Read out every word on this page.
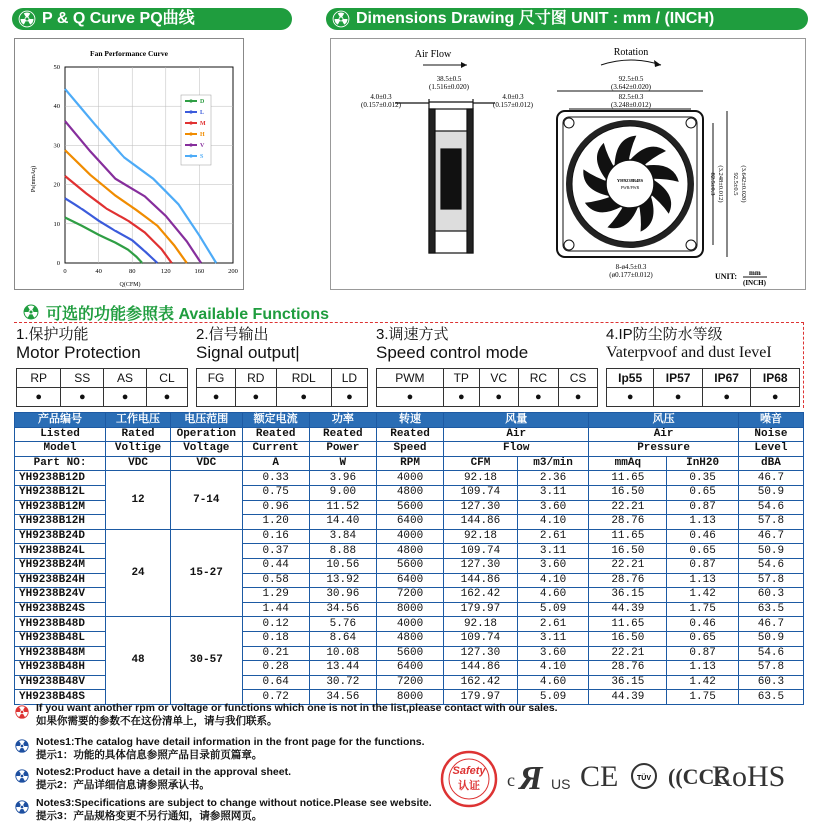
P & Q Curve PQ曲线	Dimensions Drawing 尺寸图 UNIT : mm / (INCH)
Fan Performance Curve
Ps(mmAq)
Q(CFM)
0	40	80	120	160	200
0
10
20
30
40
50
D
L
M
H
V
S
Air Flow
38.5±0.5
(1.516±0.020)
4.0±0.3
(0.157±0.012)
4.0±0.3
(0.157±0.012)
Rotation
92.5±0.5
(3.642±0.020)
82.5±0.3
(3.248±0.012)
YH9238B48S
PWR/PWR	82.5±0.3 (3.248±0.012) 92.5±0.5 (3.642±0.020)
8-ø4.5±0.3
(ø0.177±0.012)	UNIT: mm
(INCH)
可选的功能参照表 Available Functions
1.保护功能
Motor Protection
RP	SS	AS	CL
●	●	●	●
2.信号输出
Signal output|
FG	RD	RDL	LD
●	●	●	●
3.调速方式
Speed control mode
PWM	TP	VC	RC	CS
●	●	●	●	●
4.IP防尘防水等级
Vaterpvoof and dust IeveI
Ip55	IP57	IP67	IP68
●	●	●	●
产品编号	工作电压	电压范围	额定电流	功率	转速	风量		风压		噪音
Listed	Rated	Operation	Reated	Reated	Reated	Air		Air		Noise
Model	Voltige	Voltage	Current	Power	Speed	Flow		Pressure		Level
Part NO:	VDC	VDC	A	W	RPM	CFM	m3/min	mmAq	InH20	dBA
YH9238B12D	12	7-14	0.33	3.96	4000	92.18	2.36	11.65	0.35	46.7
YH9238B12L			0.75	9.00	4800	109.74	3.11	16.50	0.65	50.9
YH9238B12M			0.96	11.52	5600	127.30	3.60	22.21	0.87	54.6
YH9238B12H			1.20	14.40	6400	144.86	4.10	28.76	1.13	57.8
YH9238B24D	24	15-27	0.16	3.84	4000	92.18	2.61	11.65	0.46	46.7
YH9238B24L			0.37	8.88	4800	109.74	3.11	16.50	0.65	50.9
YH9238B24M			0.44	10.56	5600	127.30	3.60	22.21	0.87	54.6
YH9238B24H			0.58	13.92	6400	144.86	4.10	28.76	1.13	57.8
YH9238B24V			1.29	30.96	7200	162.42	4.60	36.15	1.42	60.3
YH9238B24S			1.44	34.56	8000	179.97	5.09	44.39	1.75	63.5
YH9238B48D	48	30-57	0.12	5.76	4000	92.18	2.61	11.65	0.46	46.7
YH9238B48L			0.18	8.64	4800	109.74	3.11	16.50	0.65	50.9
YH9238B48M			0.21	10.08	5600	127.30	3.60	22.21	0.87	54.6
YH9238B48H			0.28	13.44	6400	144.86	4.10	28.76	1.13	57.8
YH9238B48V			0.64	30.72	7200	162.42	4.60	36.15	1.42	60.3
YH9238B48S			0.72	34.56	8000	179.97	5.09	44.39	1.75	63.5
If you want another rpm or voltage or functions which one is not in the list,please contact with our sales.
如果你需要的参数不在这份清单上，请与我们联系。
Notes1:The catalog have detail information in the front page for the functions.
提示1：功能的具体信息参照产品目录前页篇章。
Notes2:Product have a detail in the approval sheet.
提示2：产品详细信息请参照承认书。
Notes3:Specifications are subject to change without notice.Please see website.
提示3：产品规格变更不另行通知，请参照网页。
Safety
认证 c Я US CE	TÜV ((CCC
RoHS
